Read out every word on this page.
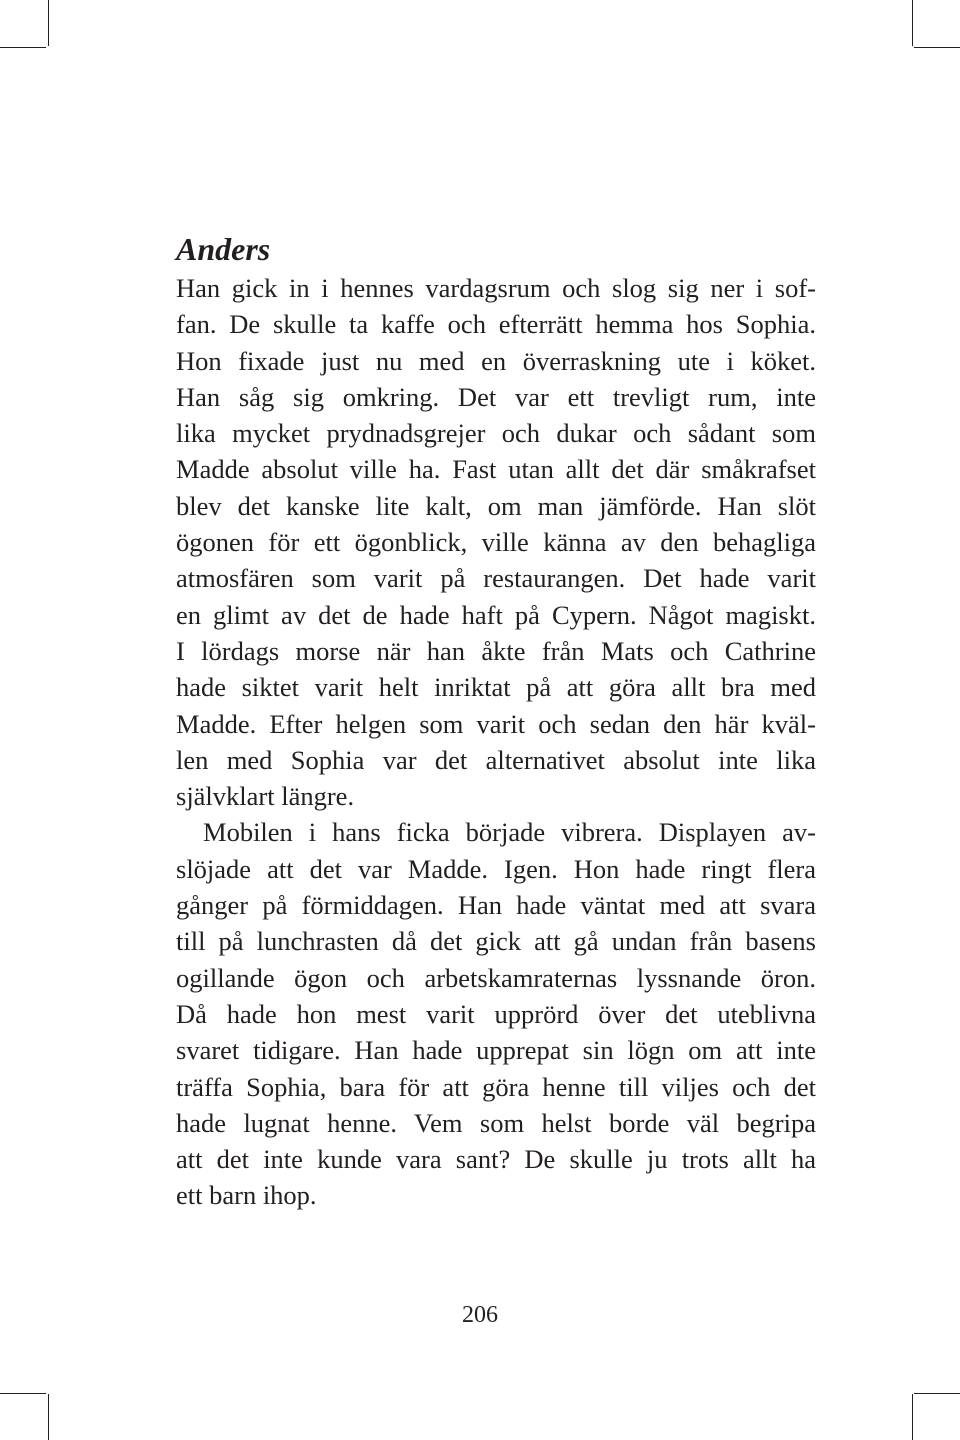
Anders
Han gick in i hennes vardagsrum och slog sig ner i sof-
fan. De skulle ta kaffe och efterrätt hemma hos Sophia.
Hon fixade just nu med en överraskning ute i köket.
Han såg sig omkring. Det var ett trevligt rum, inte
lika mycket prydnadsgrejer och dukar och sådant som
Madde absolut ville ha. Fast utan allt det där småkrafset
blev det kanske lite kalt, om man jämförde. Han slöt
ögonen för ett ögonblick, ville känna av den behagliga
atmosfären som varit på restaurangen. Det hade varit
en glimt av det de hade haft på Cypern. Något magiskt.
I lördags morse när han åkte från Mats och Cathrine
hade siktet varit helt inriktat på att göra allt bra med
Madde. Efter helgen som varit och sedan den här kväl-
len med Sophia var det alternativet absolut inte lika
självklart längre.
Mobilen i hans ficka började vibrera. Displayen av-
slöjade att det var Madde. Igen. Hon hade ringt flera
gånger på förmiddagen. Han hade väntat med att svara
till på lunchrasten då det gick att gå undan från basens
ogillande ögon och arbetskamraternas lyssnande öron.
Då hade hon mest varit upprörd över det uteblivna
svaret tidigare. Han hade upprepat sin lögn om att inte
träffa Sophia, bara för att göra henne till viljes och det
hade lugnat henne. Vem som helst borde väl begripa
att det inte kunde vara sant? De skulle ju trots allt ha
ett barn ihop.
206
